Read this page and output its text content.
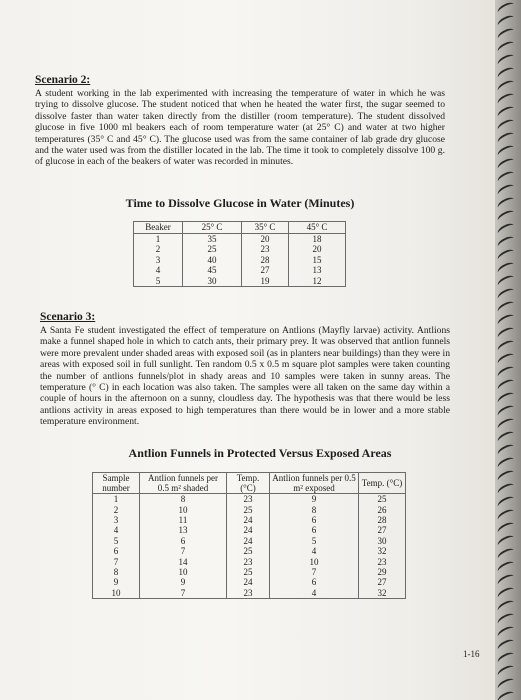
Scenario 2:

A student working in the lab experimented with increasing the temperature of water in which he was trying to dissolve glucose. The student noticed that when he heated the water first, the sugar seemed to dissolve faster than water taken directly from the distiller (room temperature). The student dissolved glucose in five 1000 ml beakers each of room temperature water (at 25° C) and water at two higher temperatures (35° C and 45° C). The glucose used was from the same container of lab grade dry glucose and the water used was from the distiller located in the lab. The time it took to completely dissolve 100 g. of glucose in each of the beakers of water was recorded in minutes.

Time to Dissolve Glucose in Water (Minutes)
Beaker	25° C	35° C	45° C
1	35	20	18
2	25	23	20
3	40	28	15
4	45	27	13
5	30	19	12
Scenario 3:

A Santa Fe student investigated the effect of temperature on Antlions (Mayfly larvae) activity. Antlions make a funnel shaped hole in which to catch ants, their primary prey. It was observed that antlion funnels were more prevalent under shaded areas with exposed soil (as in planters near buildings) than they were in areas with exposed soil in full sunlight. Ten random 0.5 x 0.5 m square plot samples were taken counting the number of antlions funnels/plot in shady areas and 10 samples were taken in sunny areas. The temperature (° C) in each location was also taken. The samples were all taken on the same day within a couple of hours in the afternoon on a sunny, cloudless day. The hypothesis was that there would be less antlions activity in areas exposed to high temperatures than there would be in lower and a more stable temperature environment.

Antlion Funnels in Protected Versus Exposed Areas
Sample number	Antlion funnels per 0.5 m² shaded	Temp. (°C)	Antlion funnels per 0.5 m² exposed	Temp. (°C)
1	8	23	9	25
2	10	25	8	26
3	11	24	6	28
4	13	24	6	27
5	6	24	5	30
6	7	25	4	32
7	14	23	10	23
8	10	25	7	29
9	9	24	6	27
10	7	23	4	32
1-16
